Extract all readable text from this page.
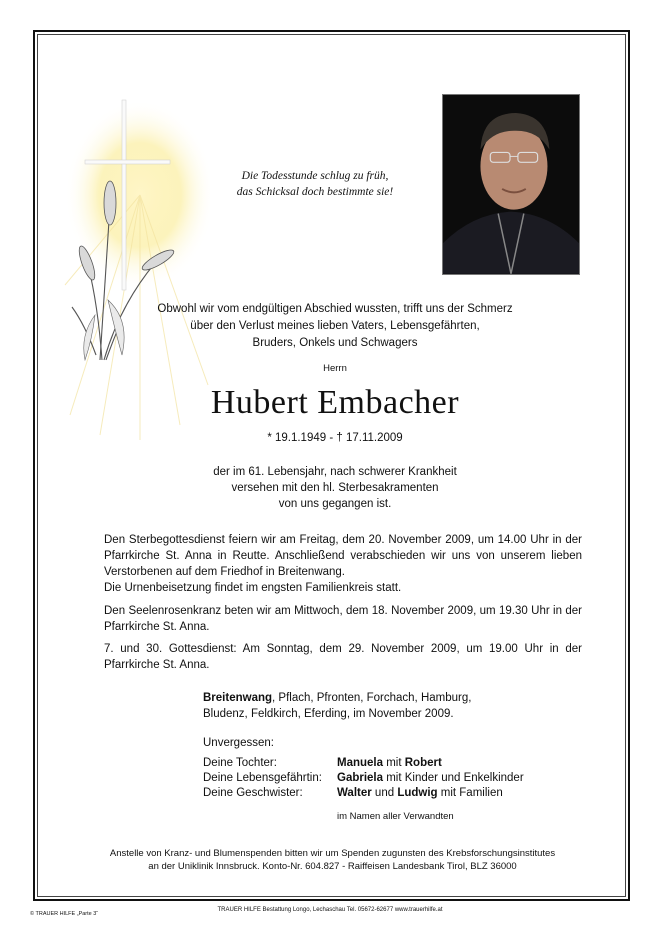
Die Todesstunde schlug zu früh,
das Schicksal doch bestimmte sie!
Obwohl wir vom endgültigen Abschied wussten, trifft uns der Schmerz
über den Verlust meines lieben Vaters, Lebensgefährten,
Bruders, Onkels und Schwagers
Herrn
Hubert Embacher
* 19.1.1949 - † 17.11.2009
der im 61. Lebensjahr, nach schwerer Krankheit
versehen mit den hl. Sterbesakramenten
von uns gegangen ist.
Den Sterbegottesdienst feiern wir am Freitag, dem 20. November 2009, um 14.00 Uhr in der Pfarrkirche St. Anna in Reutte. Anschließend verabschieden wir uns von unserem lieben Verstorbenen auf dem Friedhof in Breitenwang.
Die Urnenbeisetzung findet im engsten Familienkreis statt.
Den Seelenrosenkranz beten wir am Mittwoch, dem 18. November 2009, um 19.30 Uhr in der Pfarrkirche St. Anna.
7. und 30. Gottesdienst: Am Sonntag, dem 29. November 2009, um 19.00 Uhr in der Pfarrkirche St. Anna.
Breitenwang, Pflach, Pfronten, Forchach, Hamburg,
Bludenz, Feldkirch, Eferding, im November 2009.
Unvergessen:
Deine Tochter:	Manuela mit Robert
Deine Lebensgefährtin: Gabriela mit Kinder und Enkelkinder
Deine Geschwister:	Walter und Ludwig mit Familien
im Namen aller Verwandten
Anstelle von Kranz- und Blumenspenden bitten wir um Spenden zugunsten des Krebsforschungsinstitutes
an der Uniklinik Innsbruck. Konto-Nr. 604.827 - Raiffeisen Landesbank Tirol, BLZ 36000
© TRAUER HILFE „Parte 3“
TRAUER HILFE Bestattung Longo, Lechaschau Tel. 05672-62677 www.trauerhilfe.at
